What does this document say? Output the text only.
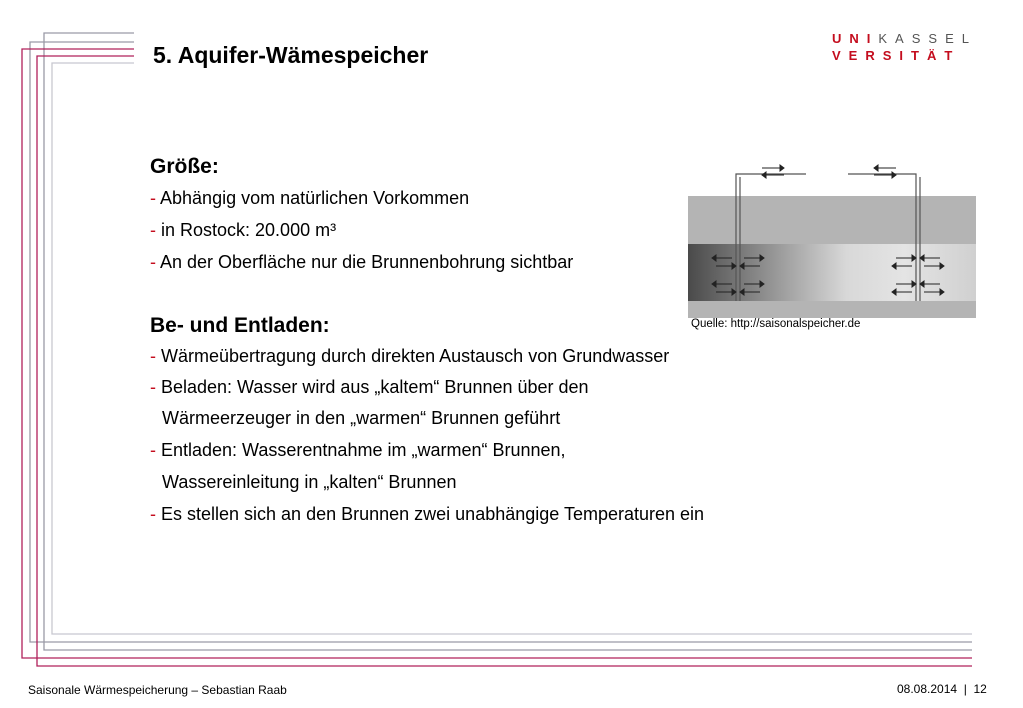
UNIKASSEL
VERSITÄT
5. Aquifer-Wämespeicher
Größe:
- Abhängig vom natürlichen Vorkommen
- in Rostock: 20.000 m³
- An der Oberfläche nur die Brunnenbohrung sichtbar
Be- und Entladen:
- Wärmeübertragung durch direkten Austausch von Grundwasser
- Beladen: Wasser wird aus „kaltem“ Brunnen über den
Wärmeerzeuger in den „warmen“ Brunnen geführt
- Entladen: Wasserentnahme im „warmen“ Brunnen,
Wassereinleitung in „kalten“ Brunnen
- Es stellen sich an den Brunnen zwei unabhängige Temperaturen ein
Quelle: http://saisonalspeicher.de
Saisonale Wärmespeicherung – Sebastian Raab	08.08.2014  |  12
